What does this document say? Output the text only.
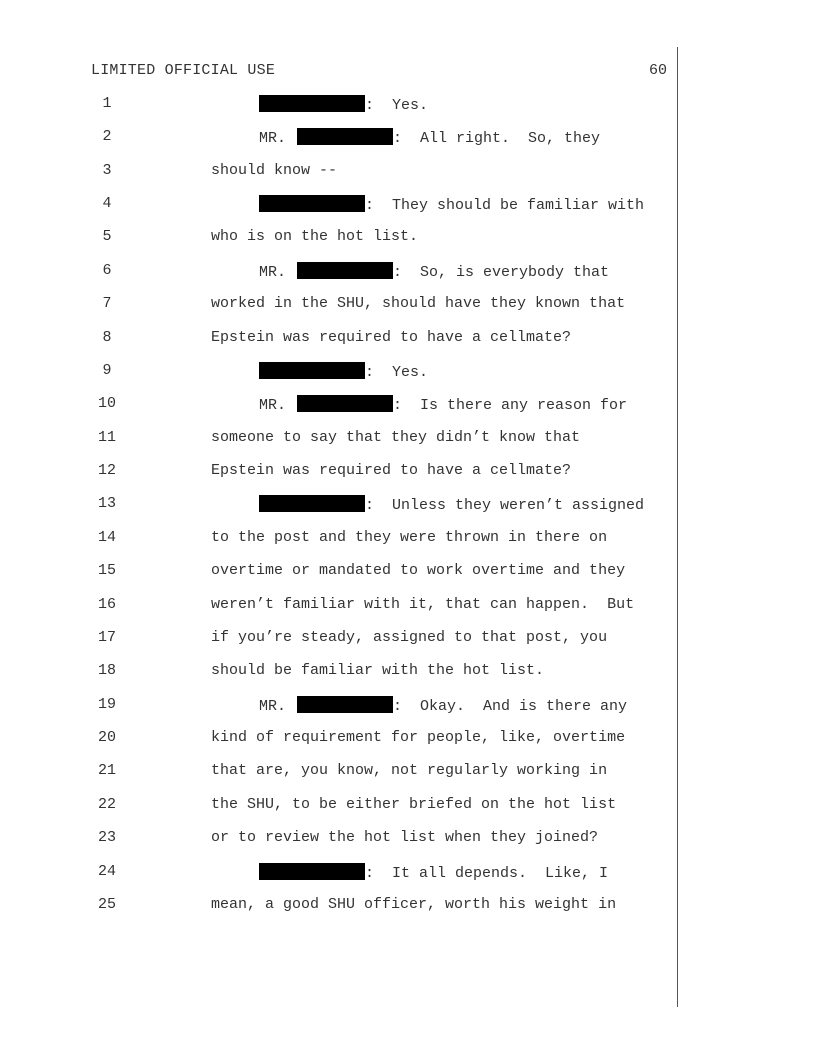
LIMITED OFFICIAL USE	60
1	:  Yes.
2	MR.	:  All right.  So, they
3	should know --
4	:  They should be familiar with
5	who is on the hot list.
6	MR.	:  So, is everybody that
7	worked in the SHU, should have they known that
8	Epstein was required to have a cellmate?
9	:  Yes.
10	MR.	:  Is there any reason for
11	someone to say that they didn’t know that
12	Epstein was required to have a cellmate?
13	:  Unless they weren’t assigned
14	to the post and they were thrown in there on
15	overtime or mandated to work overtime and they
16	weren’t familiar with it, that can happen.  But
17	if you’re steady, assigned to that post, you
18	should be familiar with the hot list.
19	MR.	:  Okay.  And is there any
20	kind of requirement for people, like, overtime
21	that are, you know, not regularly working in
22	the SHU, to be either briefed on the hot list
23	or to review the hot list when they joined?
24	:  It all depends.  Like, I
25	mean, a good SHU officer, worth his weight in
